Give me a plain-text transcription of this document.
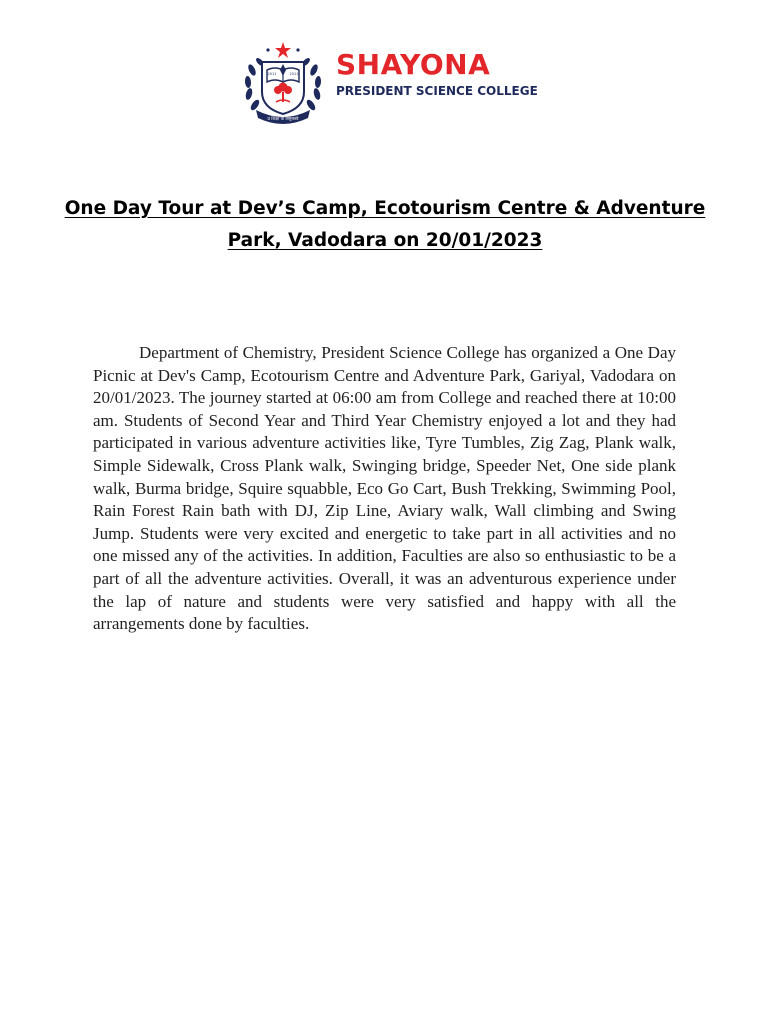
प्र शिक्षा या विमुक्तये
2011	2011 SHAYONA
PRESIDENT SCIENCE COLLEGE
One Day Tour at Dev’s Camp, Ecotourism Centre & Adventure Park, Vadodara on 20/01/2023

Department of Chemistry, President Science College has organized a One Day Picnic at Dev's Camp, Ecotourism Centre and Adventure Park, Gariyal, Vadodara on 20/01/2023. The journey started at 06:00 am from College and reached there at 10:00 am. Students of Second Year and Third Year Chemistry enjoyed a lot and they had participated in various adventure activities like, Tyre Tumbles, Zig Zag, Plank walk, Simple Sidewalk, Cross Plank walk, Swinging bridge, Speeder Net, One side plank walk, Burma bridge, Squire squabble, Eco Go Cart, Bush Trekking, Swimming Pool, Rain Forest Rain bath with DJ, Zip Line, Aviary walk, Wall climbing and Swing Jump. Students were very excited and energetic to take part in all activities and no one missed any of the activities. In addition, Faculties are also so enthusiastic to be a part of all the adventure activities. Overall, it was an adventurous experience under the lap of nature and students were very satisfied and happy with all the arrangements done by faculties.
